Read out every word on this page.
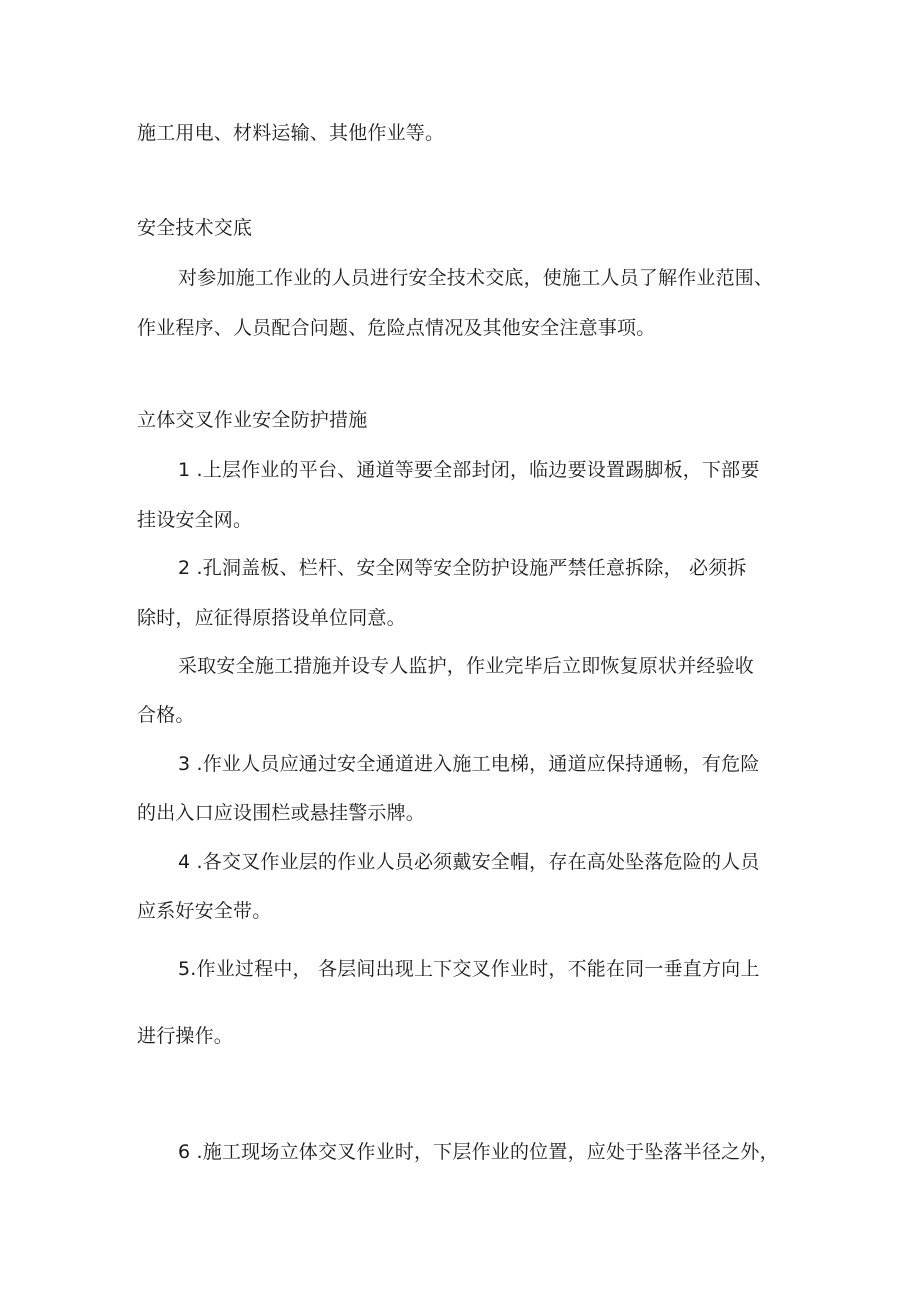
施工用电、材料运输、其他作业等。
安全技术交底
对参加施工作业的人员进行安全技术交底，使施工人员了解作业范围、
作业程序、人员配合问题、危险点情况及其他安全注意事项。
立体交叉作业安全防护措施
1 .上层作业的平台、通道等要全部封闭，临边要设置踢脚板，下部要
挂设安全网。
2 .孔洞盖板、栏杆、安全网等安全防护设施严禁任意拆除， 必须拆
除时，应征得原搭设单位同意。
采取安全施工措施并设专人监护，作业完毕后立即恢复原状并经验收
合格。
3 .作业人员应通过安全通道进入施工电梯，通道应保持通畅，有危险
的出入口应设围栏或悬挂警示牌。
4 .各交叉作业层的作业人员必须戴安全帽，存在高处坠落危险的人员
应系好安全带。
5.作业过程中， 各层间出现上下交叉作业时，不能在同一垂直方向上
进行操作。
6 .施工现场立体交叉作业时，下层作业的位置，应处于坠落半径之外，
